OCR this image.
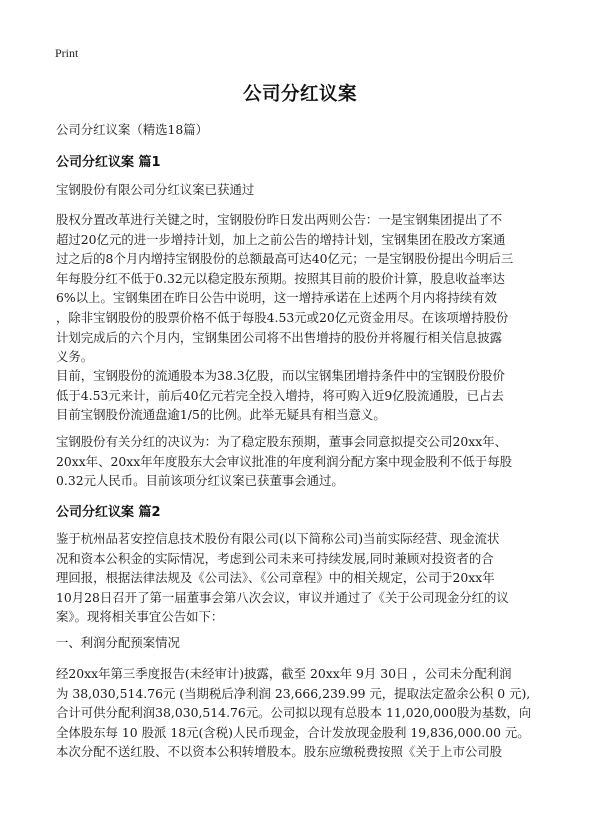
Print
公司分红议案
公司分红议案（精选18篇）
公司分红议案 篇1
宝钢股份有限公司分红议案已获通过
股权分置改革进行关键之时，宝钢股份昨日发出两则公告：一是宝钢集团提出了不
超过20亿元的进一步增持计划，加上之前公告的增持计划，宝钢集团在股改方案通
过之后的8个月内增持宝钢股份的总额最高可达40亿元；一是宝钢股份提出今明后三
年每股分红不低于0.32元以稳定股东预期。按照其目前的股价计算，股息收益率达
6%以上。宝钢集团在昨日公告中说明，这一增持承诺在上述两个月内将持续有效
，除非宝钢股份的股票价格不低于每股4.53元或20亿元资金用尽。在该项增持股份
计划完成后的六个月内，宝钢集团公司将不出售增持的股份并将履行相关信息披露
义务。
目前，宝钢股份的流通股本为38.3亿股，而以宝钢集团增持条件中的宝钢股份股价
低于4.53元来计，前后40亿元若完全投入增持，将可购入近9亿股流通股，已占去
目前宝钢股份流通盘逾1/5的比例。此举无疑具有相当意义。
宝钢股份有关分红的决议为：为了稳定股东预期，董事会同意拟提交公司20xx年、
20xx年、20xx年年度股东大会审议批准的年度利润分配方案中现金股利不低于每股
0.32元人民币。目前该项分红议案已获董事会通过。
公司分红议案 篇2
鉴于杭州品茗安控信息技术股份有限公司(以下简称公司)当前实际经营、现金流状
况和资本公积金的实际情况，考虑到公司未来可持续发展,同时兼顾对投资者的合
理回报，根据法律法规及《公司法》、《公司章程》中的相关规定，公司于20xx年
10月28日召开了第一届董事会第八次会议，审议并通过了《关于公司现金分红的议
案》。现将相关事宜公告如下：
一、利润分配预案情况
经20xx年第三季度报告(未经审计)披露，截至 20xx年 9月 30日 ，公司未分配利润
为 38,030,514.76元 (当期税后净利润 23,666,239.99 元，提取法定盈余公积 0 元),
合计可供分配利润38,030,514.76元。公司拟以现有总股本 11,020,000股为基数，向
全体股东每 10 股派 18元(含税)人民币现金，合计发放现金股利 19,836,000.00 元。
本次分配不送红股、不以资本公积转增股本。股东应缴税费按照《关于上市公司股
